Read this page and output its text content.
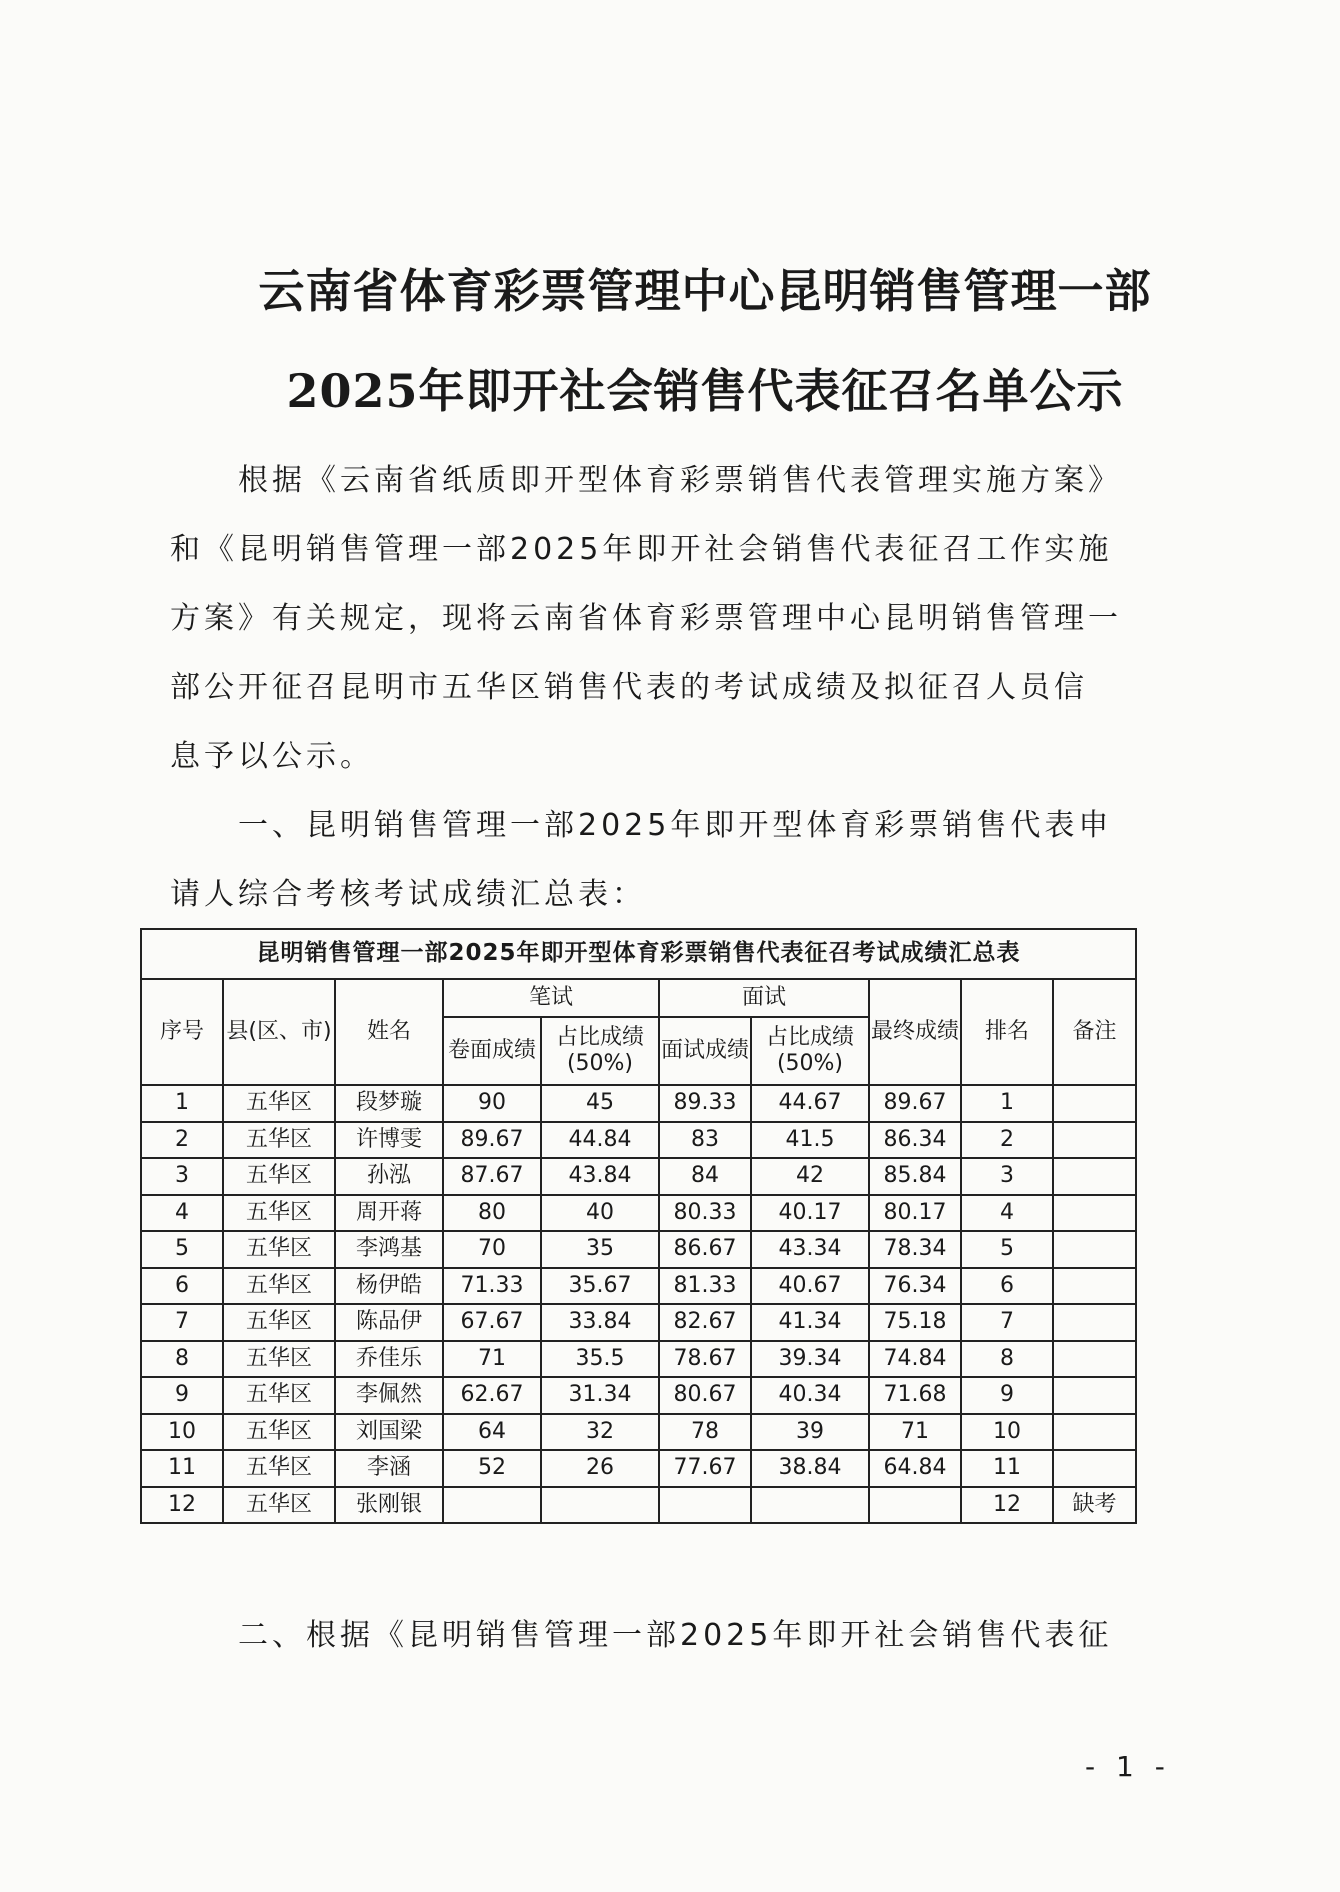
云南省体育彩票管理中心昆明销售管理一部
2025年即开社会销售代表征召名单公示
　　根据《云南省纸质即开型体育彩票销售代表管理实施方案》
和《昆明销售管理一部2025年即开社会销售代表征召工作实施
方案》有关规定，现将云南省体育彩票管理中心昆明销售管理一
部公开征召昆明市五华区销售代表的考试成绩及拟征召人员信
息予以公示。
　　一、昆明销售管理一部2025年即开型体育彩票销售代表申
请人综合考核考试成绩汇总表：
昆明销售管理一部2025年即开型体育彩票销售代表征召考试成绩汇总表									
序号	县(区、市)	姓名	笔试		面试		最终成绩	排名	备注
			卷面成绩	占比成绩(50%)	面试成绩	占比成绩(50%)			
1	五华区	段梦璇	90	45	89.33	44.67	89.67	1	
2	五华区	许博雯	89.67	44.84	83	41.5	86.34	2	
3	五华区	孙泓	87.67	43.84	84	42	85.84	3	
4	五华区	周开蒋	80	40	80.33	40.17	80.17	4	
5	五华区	李鸿基	70	35	86.67	43.34	78.34	5	
6	五华区	杨伊皓	71.33	35.67	81.33	40.67	76.34	6	
7	五华区	陈品伊	67.67	33.84	82.67	41.34	75.18	7	
8	五华区	乔佳乐	71	35.5	78.67	39.34	74.84	8	
9	五华区	李佩然	62.67	31.34	80.67	40.34	71.68	9	
10	五华区	刘国梁	64	32	78	39	71	10	
11	五华区	李涵	52	26	77.67	38.84	64.84	11	
12	五华区	张刚银						12	缺考
　　二、根据《昆明销售管理一部2025年即开社会销售代表征
- 1 -
